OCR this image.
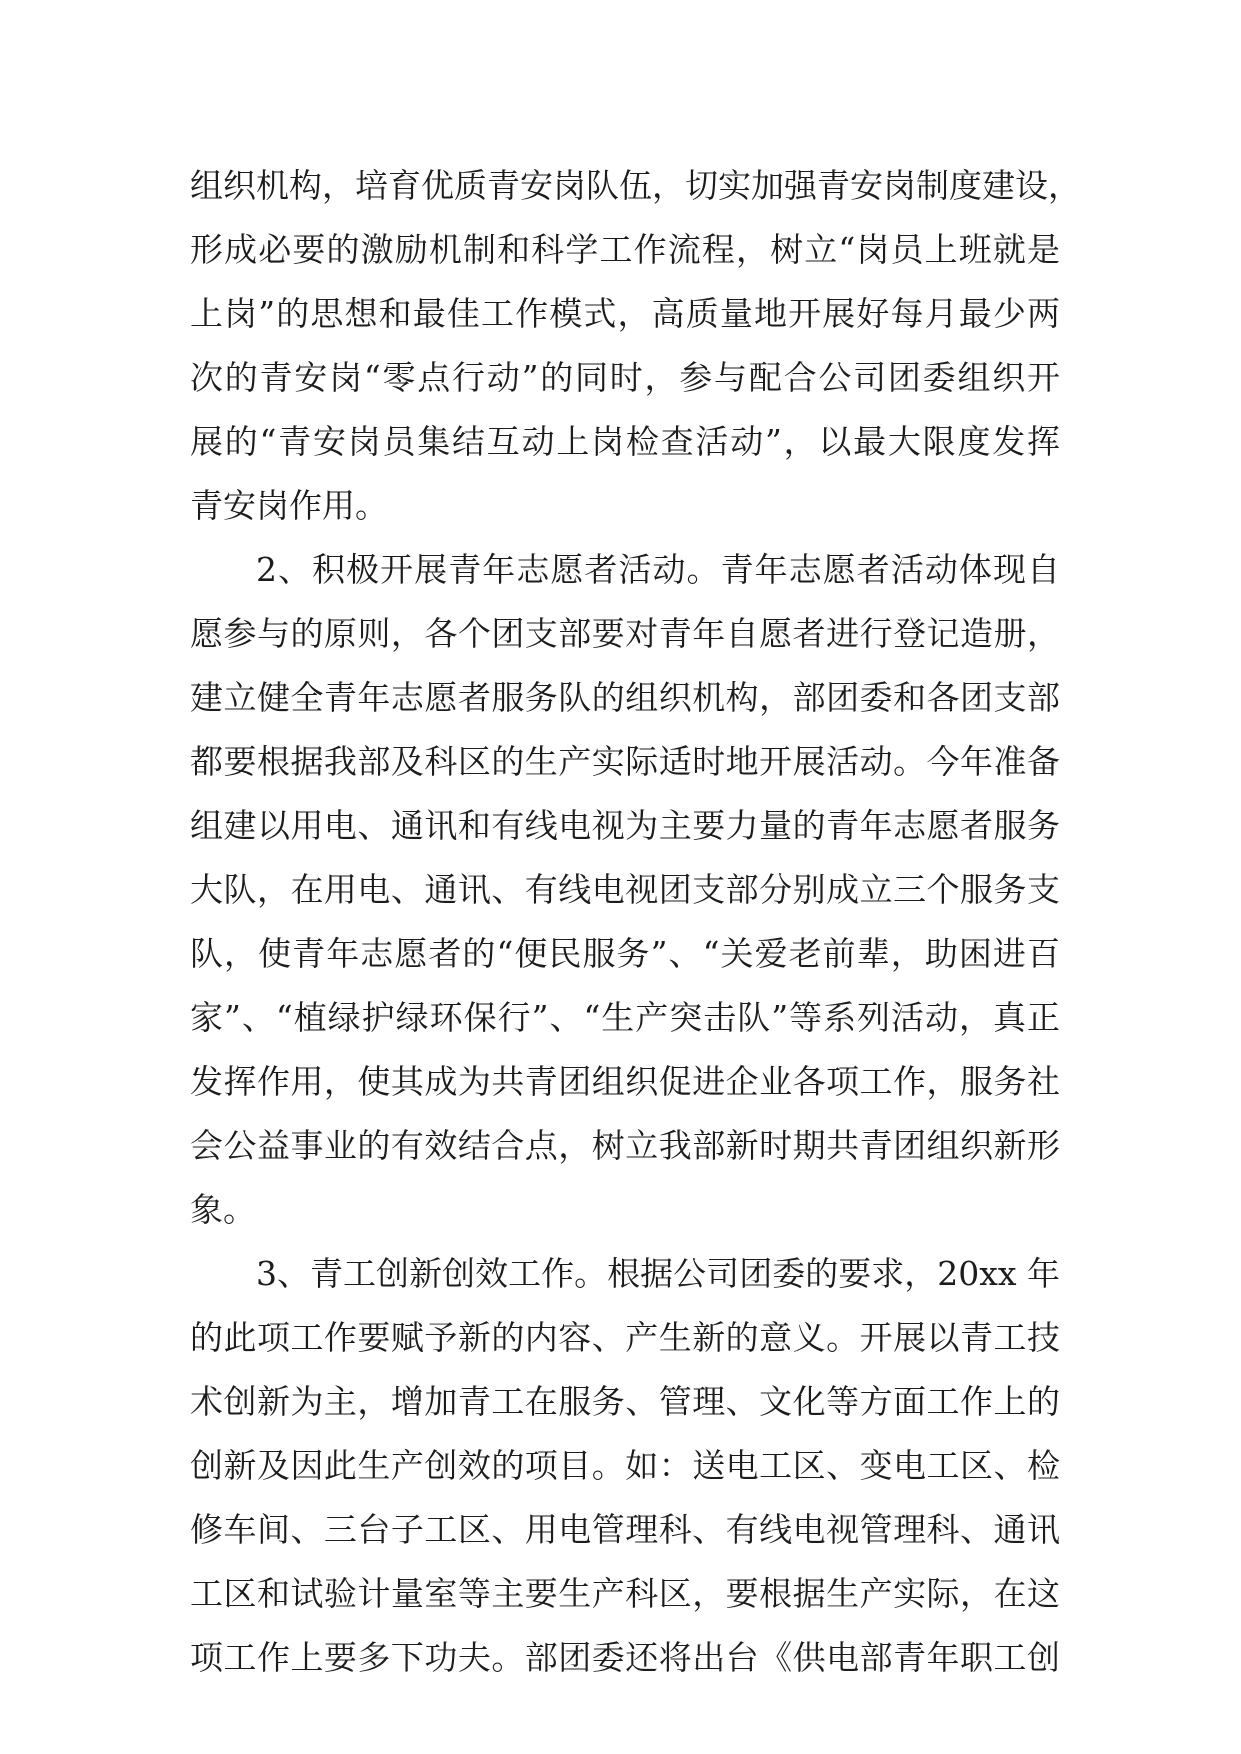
组织机构，培育优质青安岗队伍，切实加强青安岗制度建设，
形成必要的激励机制和科学工作流程，树立“岗员上班就是
上岗”的思想和最佳工作模式，高质量地开展好每月最少两
次的青安岗“零点行动”的同时，参与配合公司团委组织开
展的“青安岗员集结互动上岗检查活动”，以最大限度发挥
青安岗作用。
2、积极开展青年志愿者活动。青年志愿者活动体现自
愿参与的原则，各个团支部要对青年自愿者进行登记造册，
建立健全青年志愿者服务队的组织机构，部团委和各团支部
都要根据我部及科区的生产实际适时地开展活动。今年准备
组建以用电、通讯和有线电视为主要力量的青年志愿者服务
大队，在用电、通讯、有线电视团支部分别成立三个服务支
队，使青年志愿者的“便民服务”、“关爱老前辈，助困进百
家”、“植绿护绿环保行”、“生产突击队”等系列活动，真正
发挥作用，使其成为共青团组织促进企业各项工作，服务社
会公益事业的有效结合点，树立我部新时期共青团组织新形
象。
3、青工创新创效工作。根据公司团委的要求，20xx 年
的此项工作要赋予新的内容、产生新的意义。开展以青工技
术创新为主，增加青工在服务、管理、文化等方面工作上的
创新及因此生产创效的项目。如：送电工区、变电工区、检
修车间、三台子工区、用电管理科、有线电视管理科、通讯
工区和试验计量室等主要生产科区，要根据生产实际，在这
项工作上要多下功夫。部团委还将出台《供电部青年职工创
